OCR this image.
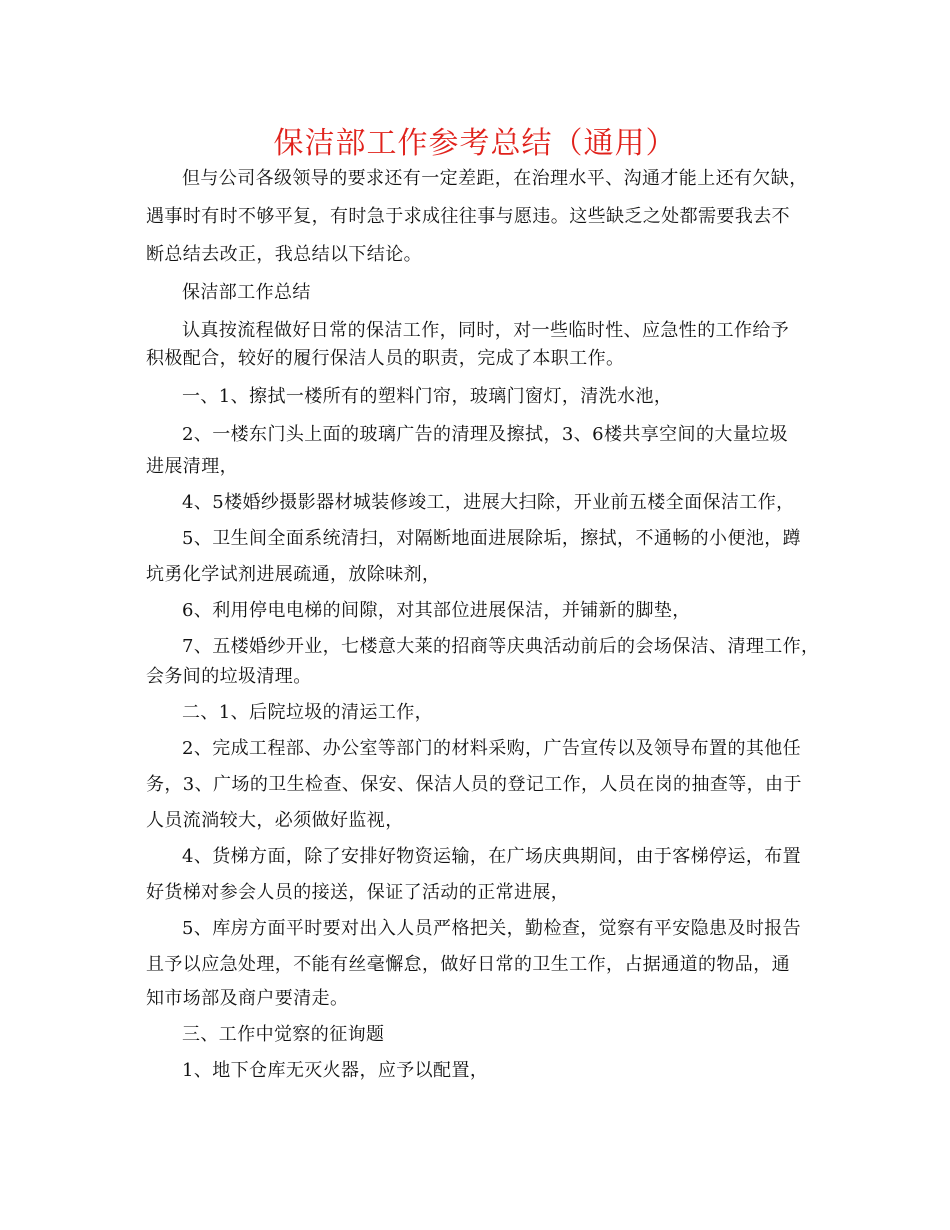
保洁部工作参考总结（通用）
但与公司各级领导的要求还有一定差距，在治理水平、沟通才能上还有欠缺，
遇事时有时不够平复，有时急于求成往往事与愿违。这些缺乏之处都需要我去不
断总结去改正，我总结以下结论。
保洁部工作总结
认真按流程做好日常的保洁工作，同时，对一些临时性、应急性的工作给予
积极配合，较好的履行保洁人员的职责，完成了本职工作。
一、1、擦拭一楼所有的塑料门帘，玻璃门窗灯，清洗水池，
2、一楼东门头上面的玻璃广告的清理及擦拭，3、6楼共享空间的大量垃圾
进展清理，
4、5楼婚纱摄影器材城装修竣工，进展大扫除，开业前五楼全面保洁工作，
5、卫生间全面系统清扫，对隔断地面进展除垢，擦拭，不通畅的小便池，蹲
坑勇化学试剂进展疏通，放除味剂，
6、利用停电电梯的间隙，对其部位进展保洁，并铺新的脚垫，
7、五楼婚纱开业，七楼意大莱的招商等庆典活动前后的会场保洁、清理工作，
会务间的垃圾清理。
二、1、后院垃圾的清运工作，
2、完成工程部、办公室等部门的材料采购，广告宣传以及领导布置的其他任
务，3、广场的卫生检查、保安、保洁人员的登记工作，人员在岗的抽查等，由于
人员流淌较大，必须做好监视，
4、货梯方面，除了安排好物资运输，在广场庆典期间，由于客梯停运，布置
好货梯对参会人员的接送，保证了活动的正常进展，
5、库房方面平时要对出入人员严格把关，勤检查，觉察有平安隐患及时报告
且予以应急处理，不能有丝毫懈怠，做好日常的卫生工作，占据通道的物品，通
知市场部及商户要清走。
三、工作中觉察的征询题
1、地下仓库无灭火器，应予以配置，
